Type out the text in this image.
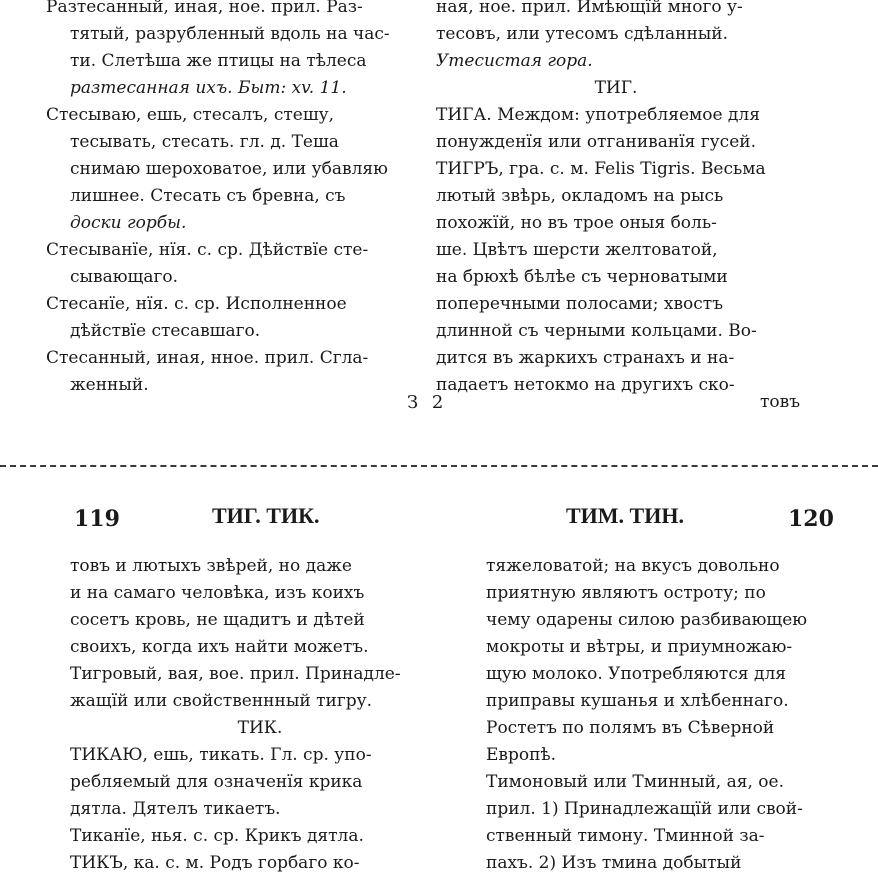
Разтесанный, иная, ное. прил. Раз-
тятый, разрубленный вдоль на час-
ти. Слетѣша же птицы на тѣлеса
разтесанная ихъ. Быт: xv. 11.
Стесываю, ешь, стесалъ, стешу,
тесывать, стесать. гл. д. Теша
снимаю шероховатое, или убавляю
лишнее. Стесать съ бревна, съ
доски горбы.
Стесыванїе, нїя. с. ср. Дѣйствїе сте-
сывающаго.
Стесанїе, нїя. с. ср. Исполненное
дѣйствїе стесавшаго.
Стесанный, иная, нное. прил. Сгла-
женный.
ная, ное. прил. Имѣющїй много у-
тесовъ, или утесомъ сдѣланный.
Утесистая гора.
ТИГ.
ТИГА. Междом: употребляемое для
понужденїя или отганиванїя гусей.
ТИГРЪ, гра. с. м. Felis Tigris. Весьма
лютый звѣрь, окладомъ на рысь
похожїй, но въ трое оныя боль-
ше. Цвѣтъ шерсти желтоватой,
на брюхѣ бѣлѣе съ черноватыми
поперечными полосами; хвостъ
длинной съ черными кольцами. Во-
дится въ жаркихъ странахъ и на-
падаетъ нетокмо на другихъ ско-
З 2	товъ
119	ТИГ. ТИК.	ТИМ. ТИН.	120
товъ и лютыхъ звѣрей, но даже
и на самаго человѣка, изъ коихъ
сосетъ кровь, не щадитъ и дѣтей
своихъ, когда ихъ найти можетъ.
Тигровый, вая, вое. прил. Принадле-
жащїй или свойственнный тигру.
ТИК.
ТИКАЮ, ешь, тикать. Гл. ср. упо-
ребляемый для означенїя крика
дятла. Дятелъ тикаетъ.
Тиканїе, нья. с. ср. Крикъ дятла.
ТИКЪ, ка. с. м. Родъ горбаго ко-
тяжеловатой; на вкусъ довольно
приятную являютъ остроту; по
чему одарены силою разбивающею
мокроты и вѣтры, и приумножаю-
щую молоко. Употребляются для
приправы кушанья и хлѣбеннаго.
Ростетъ по полямъ въ Сѣверной
Европѣ.
Тимоновый или Тминный, ая, ое.
прил. 1) Принадлежащїй или свой-
ственный тимону. Тминной за-
пахъ. 2) Изъ тмина добытый
